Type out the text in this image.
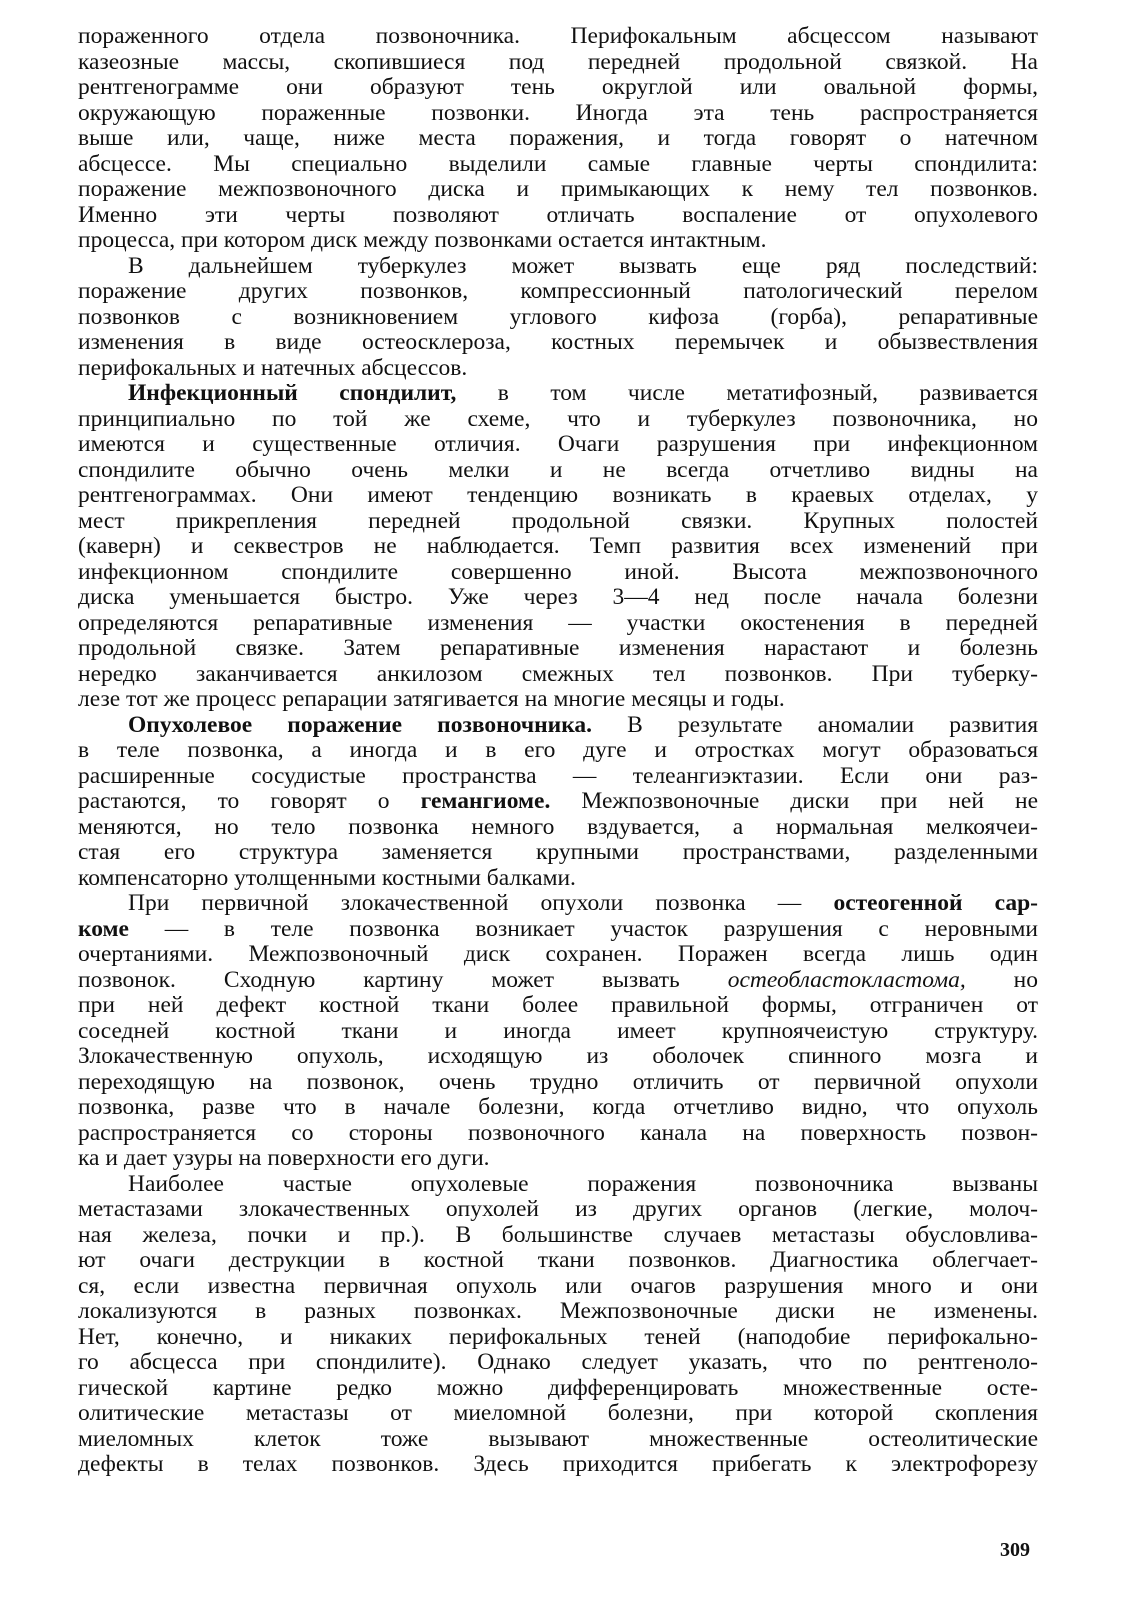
пораженного отдела позвоночника. Перифокальным абсцессом называют
казеозные массы, скопившиеся под передней продольной связкой. На
рентгенограмме они образуют тень округлой или овальной формы,
окружающую пораженные позвонки. Иногда эта тень распространяется
выше или, чаще, ниже места поражения, и тогда говорят о натечном
абсцессе. Мы специально выделили самые главные черты спондилита:
поражение межпозвоночного диска и примыкающих к нему тел позвонков.
Именно эти черты позволяют отличать воспаление от опухолевого
процесса, при котором диск между позвонками остается интактным.
В дальнейшем туберкулез может вызвать еще ряд последствий:
поражение других позвонков, компрессионный патологический перелом
позвонков с возникновением углового кифоза (горба), репаративные
изменения в виде остеосклероза, костных перемычек и обызвествления
перифокальных и натечных абсцессов.
Инфекционный спондилит, в том числе метатифозный, развивается
принципиально по той же схеме, что и туберкулез позвоночника, но
имеются и существенные отличия. Очаги разрушения при инфекционном
спондилите обычно очень мелки и не всегда отчетливо видны на
рентгенограммах. Они имеют тенденцию возникать в краевых отделах, у
мест прикрепления передней продольной связки. Крупных полостей
(каверн) и секвестров не наблюдается. Темп развития всех изменений при
инфекционном спондилите совершенно иной. Высота межпозвоночного
диска уменьшается быстро. Уже через 3—4 нед после начала болезни
определяются репаративные изменения — участки окостенения в передней
продольной связке. Затем репаративные изменения нарастают и болезнь
нередко заканчивается анкилозом смежных тел позвонков. При туберку-
лезе тот же процесс репарации затягивается на многие месяцы и годы.
Опухолевое поражение позвоночника. В результате аномалии развития
в теле позвонка, а иногда и в его дуге и отростках могут образоваться
расширенные сосудистые пространства — телеангиэктазии. Если они раз-
растаются, то говорят о гемангиоме. Межпозвоночные диски при ней не
меняются, но тело позвонка немного вздувается, а нормальная мелкоячеи-
стая его структура заменяется крупными пространствами, разделенными
компенсаторно утолщенными костными балками.
При первичной злокачественной опухоли позвонка — остеогенной сар-
коме — в теле позвонка возникает участок разрушения с неровными
очертаниями. Межпозвоночный диск сохранен. Поражен всегда лишь один
позвонок. Сходную картину может вызвать остеобластокластома, но
при ней дефект костной ткани более правильной формы, отграничен от
соседней костной ткани и иногда имеет крупноячеистую структуру.
Злокачественную опухоль, исходящую из оболочек спинного мозга и
переходящую на позвонок, очень трудно отличить от первичной опухоли
позвонка, разве что в начале болезни, когда отчетливо видно, что опухоль
распространяется со стороны позвоночного канала на поверхность позвон-
ка и дает узуры на поверхности его дуги.
Наиболее частые опухолевые поражения позвоночника вызваны
метастазами злокачественных опухолей из других органов (легкие, молоч-
ная железа, почки и пр.). В большинстве случаев метастазы обусловлива-
ют очаги деструкции в костной ткани позвонков. Диагностика облегчает-
ся, если известна первичная опухоль или очагов разрушения много и они
локализуются в разных позвонках. Межпозвоночные диски не изменены.
Нет, конечно, и никаких перифокальных теней (наподобие перифокально-
го абсцесса при спондилите). Однако следует указать, что по рентгеноло-
гической картине редко можно дифференцировать множественные осте-
олитические метастазы от миеломной болезни, при которой скопления
миеломных клеток тоже вызывают множественные остеолитические
дефекты в телах позвонков. Здесь приходится прибегать к электрофорезу
309
